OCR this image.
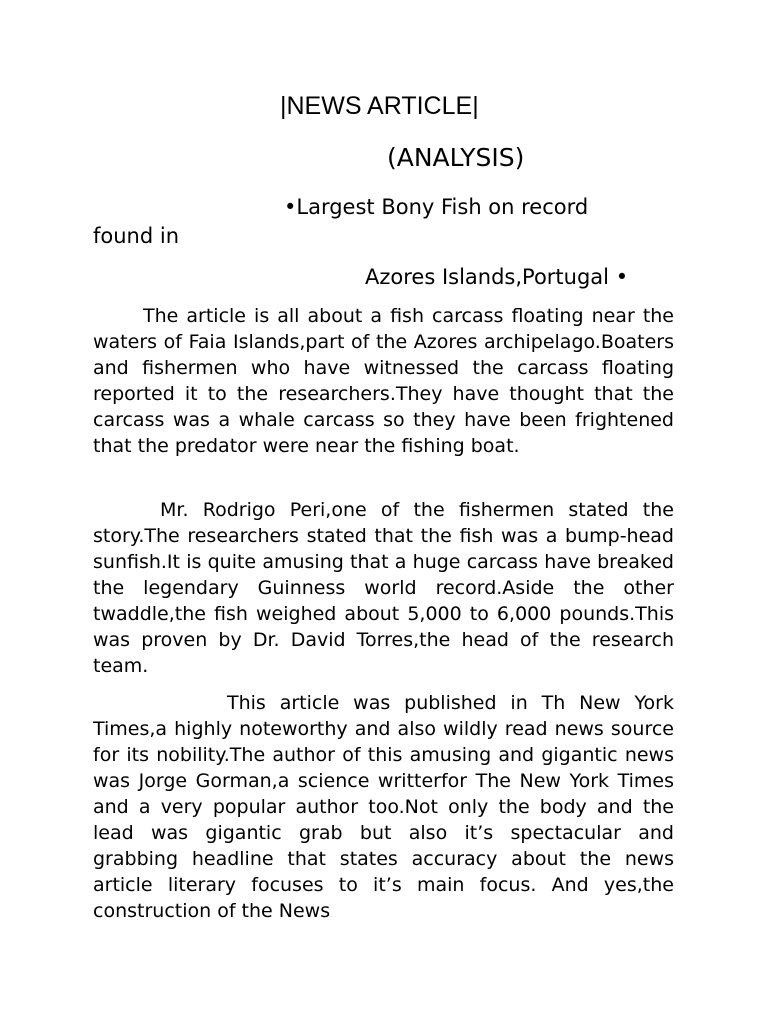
|NEWS ARTICLE|
(ANALYSIS)

•Largest Bony Fish on record

found in

Azores Islands,Portugal •

The article is all about a fish carcass floating near the waters of Faia Islands,part of the Azores archipelago.Boaters and fishermen who have witnessed the carcass floating reported it to the researchers.They have thought that the carcass was a whale carcass so they have been frightened that the predator were near the fishing boat.

Mr. Rodrigo Peri,one of the fishermen stated the story.The researchers stated that the fish was a bump-head sunfish.It is quite amusing that a huge carcass have breaked the legendary Guinness world record.Aside the other twaddle,the fish weighed about 5,000 to 6,000 pounds.This was proven by Dr. David Torres,the head of the research team.

This article was published in Th New York Times,a highly noteworthy and also wildly read news source for its nobility.The author of this amusing and gigantic news was Jorge Gorman,a science writterfor The New York Times and a very popular author too.Not only the body and the lead was gigantic grab but also it’s spectacular and grabbing headline that states accuracy about the news article literary focuses to it’s main focus. And yes,the construction of the News
